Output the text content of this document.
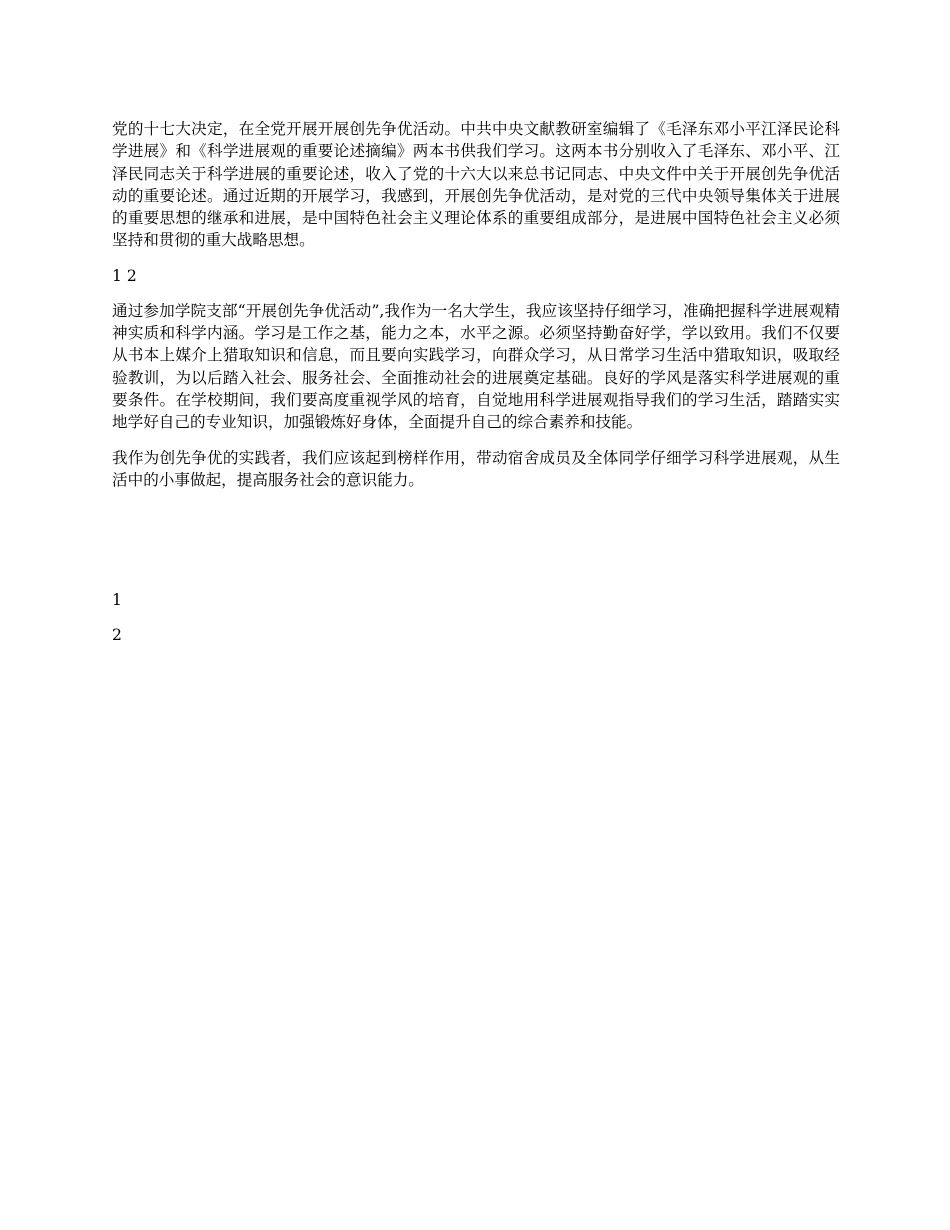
党的十七大决定，在全党开展开展创先争优活动。中共中央文献教研室编辑了《毛泽东邓小平江泽民论科学进展》和《科学进展观的重要论述摘编》两本书供我们学习。这两本书分别收入了毛泽东、邓小平、江泽民同志关于科学进展的重要论述，收入了党的十六大以来总书记同志、中央文件中关于开展创先争优活动的重要论述。通过近期的开展学习，我感到，开展创先争优活动，是对党的三代中央领导集体关于进展的重要思想的继承和进展，是中国特色社会主义理论体系的重要组成部分，是进展中国特色社会主义必须坚持和贯彻的重大战略思想。

1 2

通过参加学院支部“开展创先争优活动”,我作为一名大学生，我应该坚持仔细学习，准确把握科学进展观精神实质和科学内涵。学习是工作之基，能力之本，水平之源。必须坚持勤奋好学，学以致用。我们不仅要从书本上媒介上猎取知识和信息，而且要向实践学习，向群众学习，从日常学习生活中猎取知识，吸取经验教训，为以后踏入社会、服务社会、全面推动社会的进展奠定基础。良好的学风是落实科学进展观的重要条件。在学校期间，我们要高度重视学风的培育，自觉地用科学进展观指导我们的学习生活，踏踏实实地学好自己的专业知识，加强锻炼好身体，全面提升自己的综合素养和技能。

我作为创先争优的实践者，我们应该起到榜样作用，带动宿舍成员及全体同学仔细学习科学进展观，从生活中的小事做起，提高服务社会的意识能力。

1

2
